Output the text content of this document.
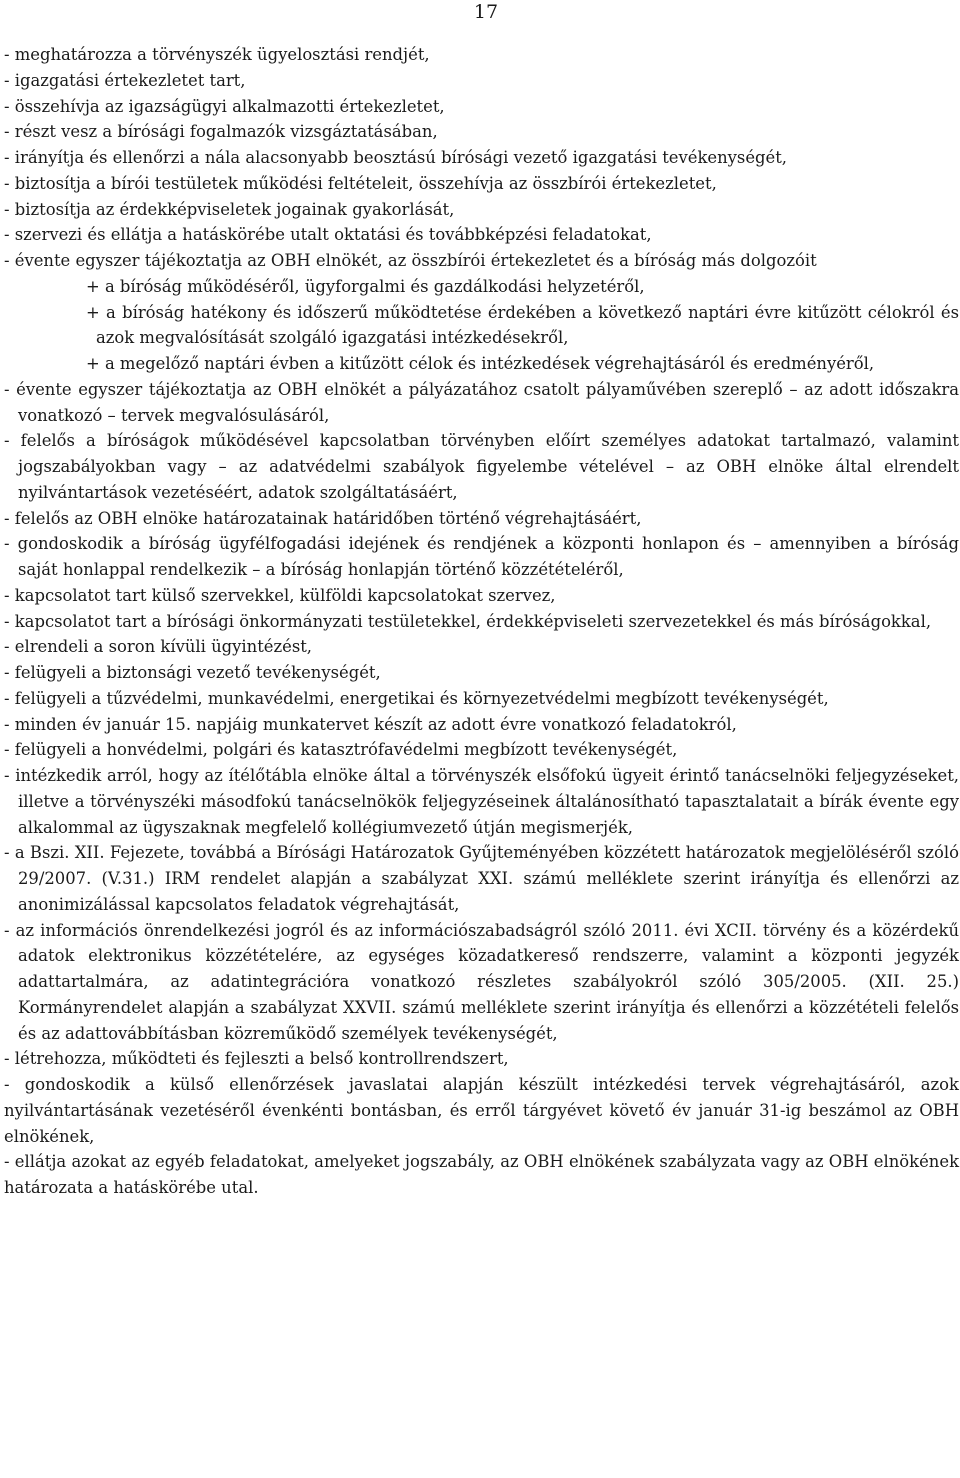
17

- meghatározza a törvényszék ügyelosztási rendjét,

- igazgatási értekezletet tart,

- összehívja az igazságügyi alkalmazotti értekezletet,

- részt vesz a bírósági fogalmazók vizsgáztatásában,

- irányítja és ellenőrzi a nála alacsonyabb beosztású bírósági vezető igazgatási tevékenységét,

- biztosítja a bírói testületek működési feltételeit, összehívja az összbírói értekezletet,

- biztosítja az érdekképviseletek jogainak gyakorlását,

- szervezi és ellátja a hatáskörébe utalt oktatási és továbbképzési feladatokat,

- évente egyszer tájékoztatja az OBH elnökét, az összbírói értekezletet és a bíróság más dolgozóit

+ a bíróság működéséről, ügyforgalmi és gazdálkodási helyzetéről,

+ a bíróság hatékony és időszerű működtetése érdekében a következő naptári évre kitűzött célokról és azok megvalósítását szolgáló igazgatási intézkedésekről,

+ a megelőző naptári évben a kitűzött célok és intézkedések végrehajtásáról és eredményéről,

- évente egyszer tájékoztatja az OBH elnökét a pályázatához csatolt pályaművében szereplő – az adott időszakra vonatkozó – tervek megvalósulásáról,

- felelős a bíróságok működésével kapcsolatban törvényben előírt személyes adatokat tartalmazó, valamint jogszabályokban vagy – az adatvédelmi szabályok figyelembe vételével – az OBH elnöke által elrendelt nyilvántartások vezetéséért, adatok szolgáltatásáért,

- felelős az OBH elnöke határozatainak határidőben történő végrehajtásáért,

- gondoskodik a bíróság ügyfélfogadási idejének és rendjének a központi honlapon és – amennyiben a bíróság saját honlappal rendelkezik – a bíróság honlapján történő közzétételéről,

- kapcsolatot tart külső szervekkel, külföldi kapcsolatokat szervez,

- kapcsolatot tart a bírósági önkormányzati testületekkel, érdekképviseleti szervezetekkel és más bíróságokkal,

- elrendeli a soron kívüli ügyintézést,

- felügyeli a biztonsági vezető tevékenységét,

- felügyeli a tűzvédelmi, munkavédelmi, energetikai és környezetvédelmi megbízott tevékenységét,

- minden év január 15. napjáig munkatervet készít az adott évre vonatkozó feladatokról,

- felügyeli a honvédelmi, polgári és katasztrófavédelmi megbízott tevékenységét,

- intézkedik arról, hogy az ítélőtábla elnöke által a törvényszék elsőfokú ügyeit érintő tanácselnöki feljegyzéseket, illetve a törvényszéki másodfokú tanácselnökök feljegyzéseinek általánosítható tapasztalatait a bírák évente egy alkalommal az ügyszaknak megfelelő kollégiumvezető útján megismerjék,

- a Bszi. XII. Fejezete, továbbá a Bírósági Határozatok Gyűjteményében közzétett határozatok megjelöléséről szóló 29/2007. (V.31.) IRM rendelet alapján a szabályzat XXI. számú melléklete szerint irányítja és ellenőrzi az anonimizálással kapcsolatos feladatok végrehajtását,

- az információs önrendelkezési jogról és az információszabadságról szóló 2011. évi XCII. törvény és a közérdekű adatok elektronikus közzétételére, az egységes közadatkereső rendszerre, valamint a központi jegyzék adattartalmára, az adatintegrációra vonatkozó részletes szabályokról szóló 305/2005. (XII. 25.) Kormányrendelet alapján a szabályzat XXVII. számú melléklete szerint irányítja és ellenőrzi a közzétételi felelős és az adattovábbításban közreműködő személyek tevékenységét,

- létrehozza, működteti és fejleszti a belső kontrollrendszert,

- gondoskodik a külső ellenőrzések javaslatai alapján készült intézkedési tervek végrehajtásáról, azok nyilvántartásának vezetéséről évenkénti bontásban, és erről tárgyévet követő év január 31-ig beszámol az OBH elnökének,

- ellátja azokat az egyéb feladatokat, amelyeket jogszabály, az OBH elnökének szabályzata vagy az OBH elnökének határozata a hatáskörébe utal.
